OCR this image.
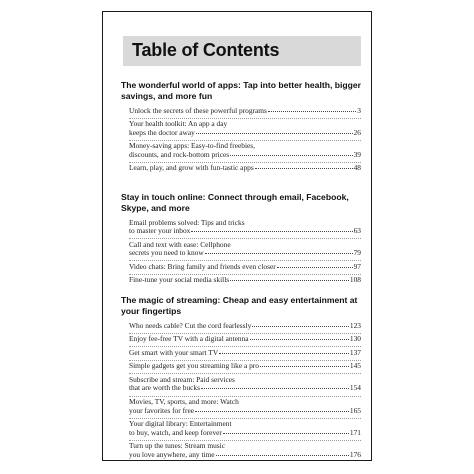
Table of Contents
The wonderful world of apps: Tap into better health, bigger savings, and more fun
Unlock the secrets of these powerful programs	3
Your health toolkit: An app a day
keeps the doctor away	26
Money-saving apps: Easy-to-find freebies,
discounts, and rock-bottom prices	39
Learn, play, and grow with fun-tastic apps	48
Stay in touch online: Connect through email, Facebook, Skype, and more
Email problems solved: Tips and tricks
to master your inbox	63
Call and text with ease: Cellphone
secrets you need to know	79
Video chats: Bring family and friends even closer	97
Fine-tune your social media skills	108
The magic of streaming: Cheap and easy entertainment at your fingertips
Who needs cable? Cut the cord fearlessly	123
Enjoy fee-free TV with a digital antenna	130
Get smart with your smart TV	137
Simple gadgets get you streaming like a pro	145
Subscribe and stream: Paid services
that are worth the bucks	154
Movies, TV, sports, and more: Watch
your favorites for free	165
Your digital library: Entertainment
to buy, watch, and keep forever	171
Turn up the tunes: Stream music
you love anywhere, any time	176
